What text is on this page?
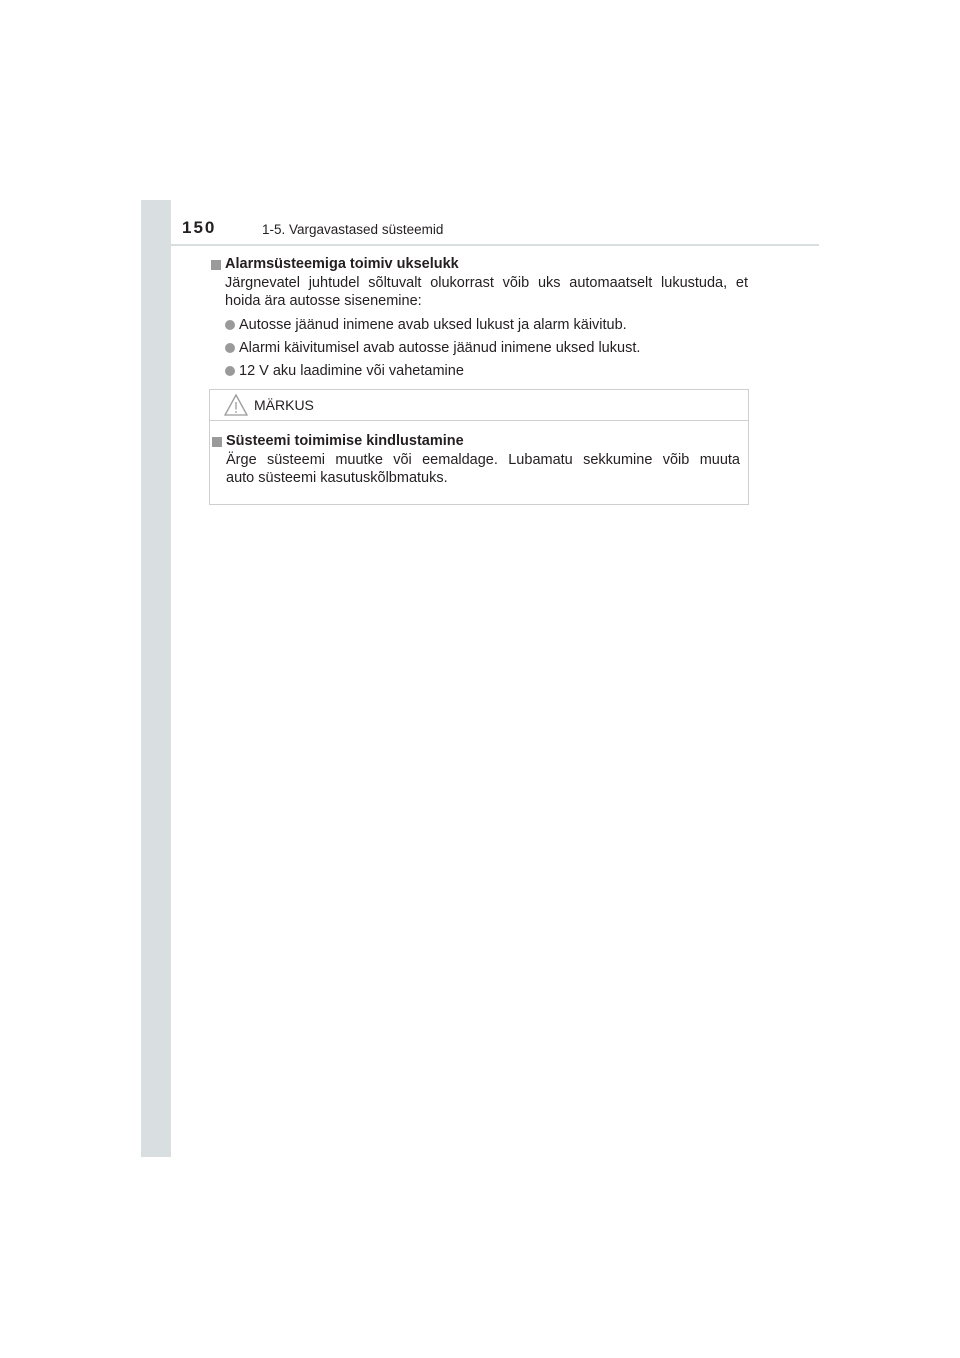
150	1-5. Vargavastased süsteemid
Alarmsüsteemiga toimiv ukselukk

Järgnevatel juhtudel sõltuvalt olukorrast võib uks automaatselt lukustuda, et
hoida ära autosse sisenemine:

Autosse jäänud inimene avab uksed lukust ja alarm käivitub.
Alarmi käivitumisel avab autosse jäänud inimene uksed lukust.
12 V aku laadimine või vahetamine
MÄRKUS
Süsteemi toimimise kindlustamine

Ärge süsteemi muutke või eemaldage. Lubamatu sekkumine võib muuta
auto süsteemi kasutuskõlbmatuks.
